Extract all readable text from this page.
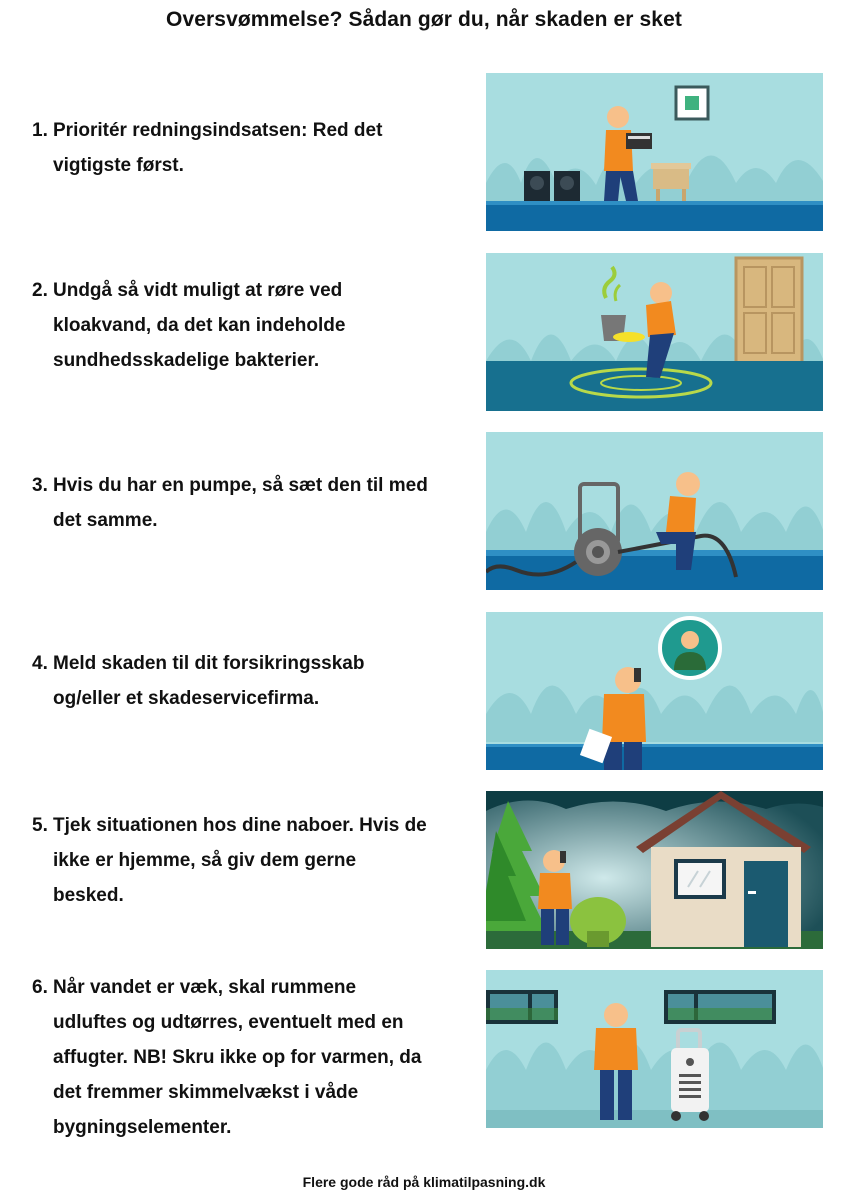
Oversvømmelse? Sådan gør du, når skaden er sket
1. Prioritér redningsindsatsen: Red det
vigtigste først.
2. Undgå så vidt muligt at røre ved
kloakvand, da det kan indeholde
sundhedsskadelige bakterier.
3. Hvis du har en pumpe, så sæt den til med
det samme.
4. Meld skaden til dit forsikringsskab
og/eller et skadeservicefirma.
5. Tjek situationen hos dine naboer. Hvis de
ikke er hjemme, så giv dem gerne
besked.
6. Når vandet er væk, skal rummene
udluftes og udtørres, eventuelt med en
affugter. NB! Skru ikke op for varmen, da
det fremmer skimmelvækst i våde
bygningselementer.
Flere gode råd på klimatilpasning.dk
